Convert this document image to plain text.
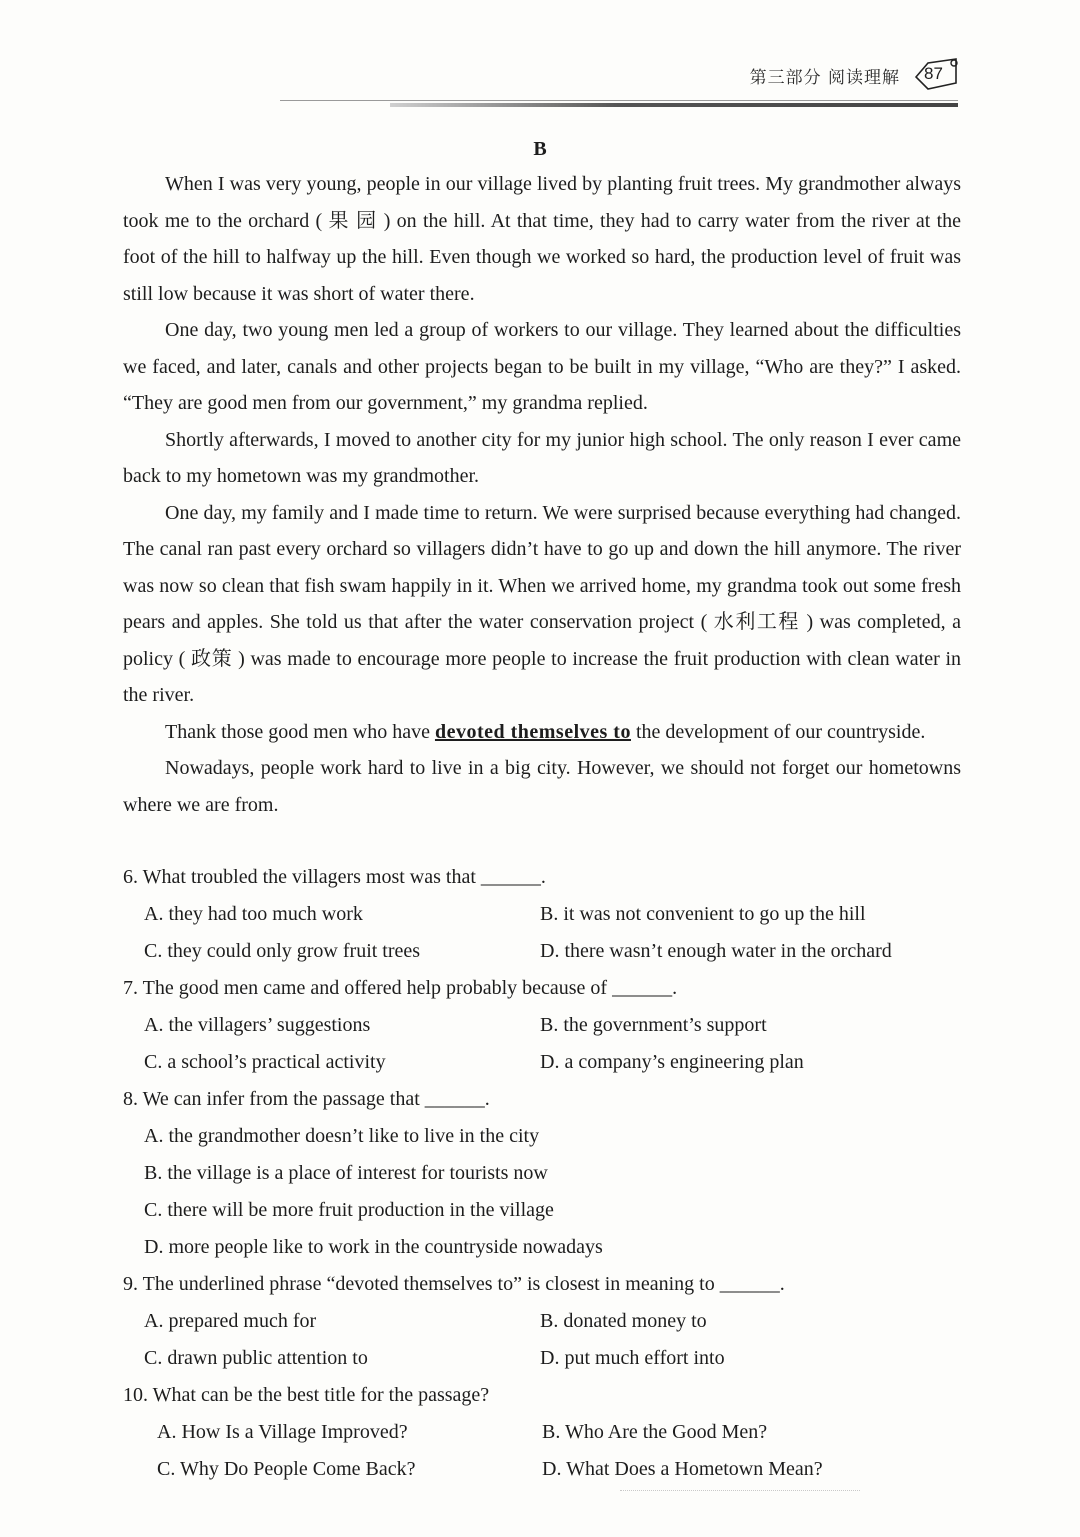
第三部分 阅读理解 87
B

When I was very young, people in our village lived by planting fruit trees. My grandmother always took me to the orchard ( 果 园 ) on the hill. At that time, they had to carry water from the river at the foot of the hill to halfway up the hill. Even though we worked so hard, the production level of fruit was still low because it was short of water there.

One day, two young men led a group of workers to our village. They learned about the difficulties we faced, and later, canals and other projects began to be built in my village, “Who are they?” I asked. “They are good men from our government,” my grandma replied.

Shortly afterwards, I moved to another city for my junior high school. The only reason I ever came back to my hometown was my grandmother.

One day, my family and I made time to return. We were surprised because everything had changed. The canal ran past every orchard so villagers didn’t have to go up and down the hill anymore. The river was now so clean that fish swam happily in it. When we arrived home, my grandma took out some fresh pears and apples. She told us that after the water conservation project ( 水利工程 ) was completed, a policy ( 政策 ) was made to encourage more people to increase the fruit production with clean water in the river.

Thank those good men who have devoted themselves to the development of our countryside.

Nowadays, people work hard to live in a big city. However, we should not forget our hometowns where we are from.

6. What troubled the villagers most was that ______.

A. they had too much work	B. it was not convenient to go up the hill
C. they could only grow fruit trees	D. there wasn’t enough water in the orchard

7. The good men came and offered help probably because of ______.

A. the villagers’ suggestions	B. the government’s support
C. a school’s practical activity	D. a company’s engineering plan

8. We can infer from the passage that ______.

A. the grandmother doesn’t like to live in the city
B. the village is a place of interest for tourists now
C. there will be more fruit production in the village
D. more people like to work in the countryside nowadays

9. The underlined phrase “devoted themselves to” is closest in meaning to ______.

A. prepared much for	B. donated money to
C. drawn public attention to	D. put much effort into

10. What can be the best title for the passage?

A. How Is a Village Improved?	B. Who Are the Good Men?
C. Why Do People Come Back?	D. What Does a Hometown Mean?
